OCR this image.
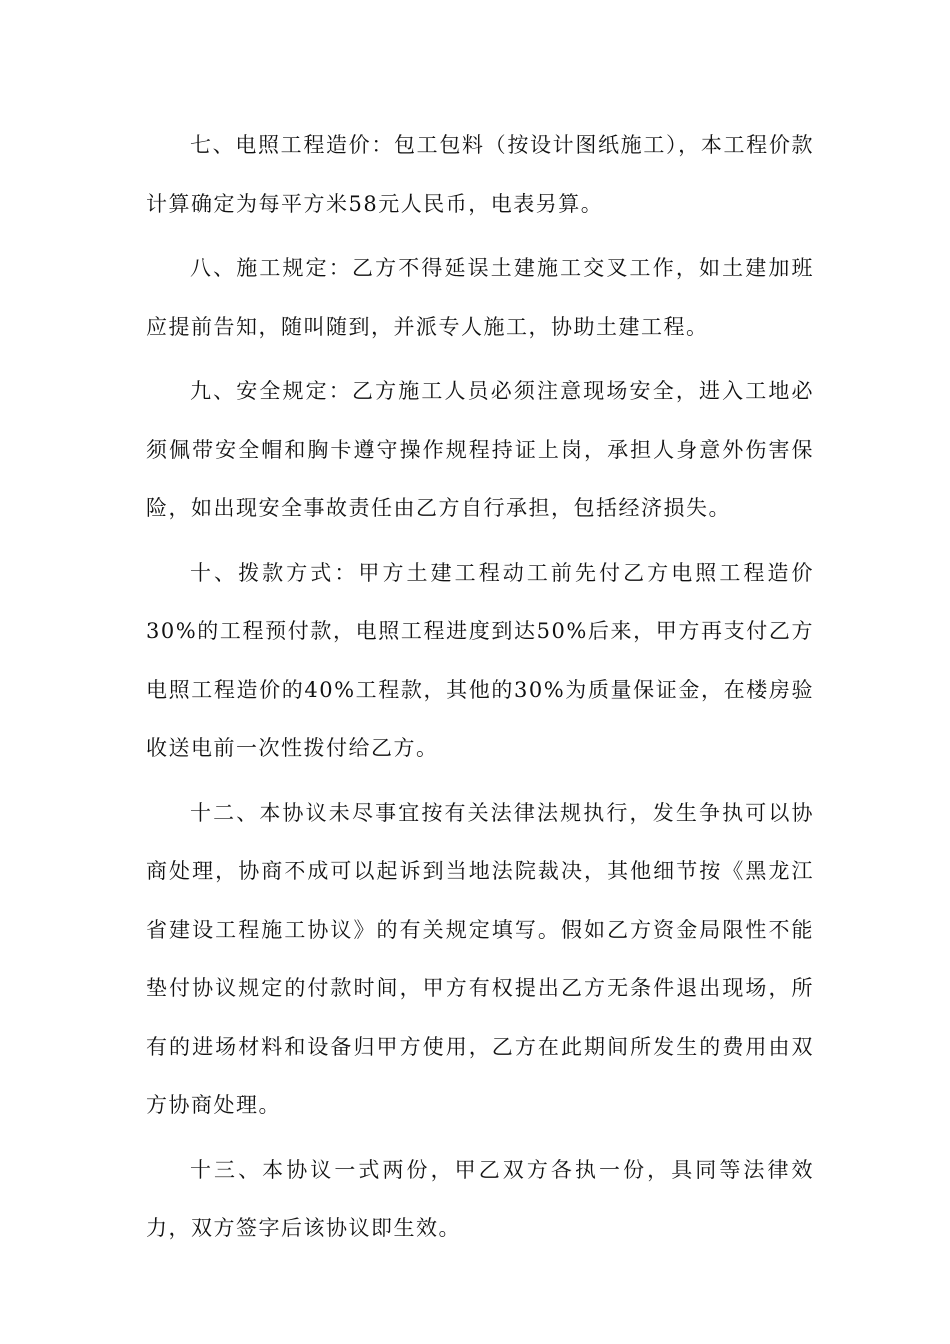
七、电照工程造价：包工包料（按设计图纸施工），本工程价款计算确定为每平方米58元人民币，电表另算。

八、施工规定：乙方不得延误土建施工交叉工作，如土建加班应提前告知，随叫随到，并派专人施工，协助土建工程。

九、安全规定：乙方施工人员必须注意现场安全，进入工地必须佩带安全帽和胸卡遵守操作规程持证上岗，承担人身意外伤害保险，如出现安全事故责任由乙方自行承担，包括经济损失。

十、拨款方式：甲方土建工程动工前先付乙方电照工程造价30%的工程预付款，电照工程进度到达50%后来，甲方再支付乙方电照工程造价的40%工程款，其他的30%为质量保证金，在楼房验收送电前一次性拨付给乙方。

十二、本协议未尽事宜按有关法律法规执行，发生争执可以协商处理，协商不成可以起诉到当地法院裁决，其他细节按《黑龙江省建设工程施工协议》的有关规定填写。假如乙方资金局限性不能垫付协议规定的付款时间，甲方有权提出乙方无条件退出现场，所有的进场材料和设备归甲方使用，乙方在此期间所发生的费用由双方协商处理。

十三、本协议一式两份，甲乙双方各执一份，具同等法律效力，双方签字后该协议即生效。
